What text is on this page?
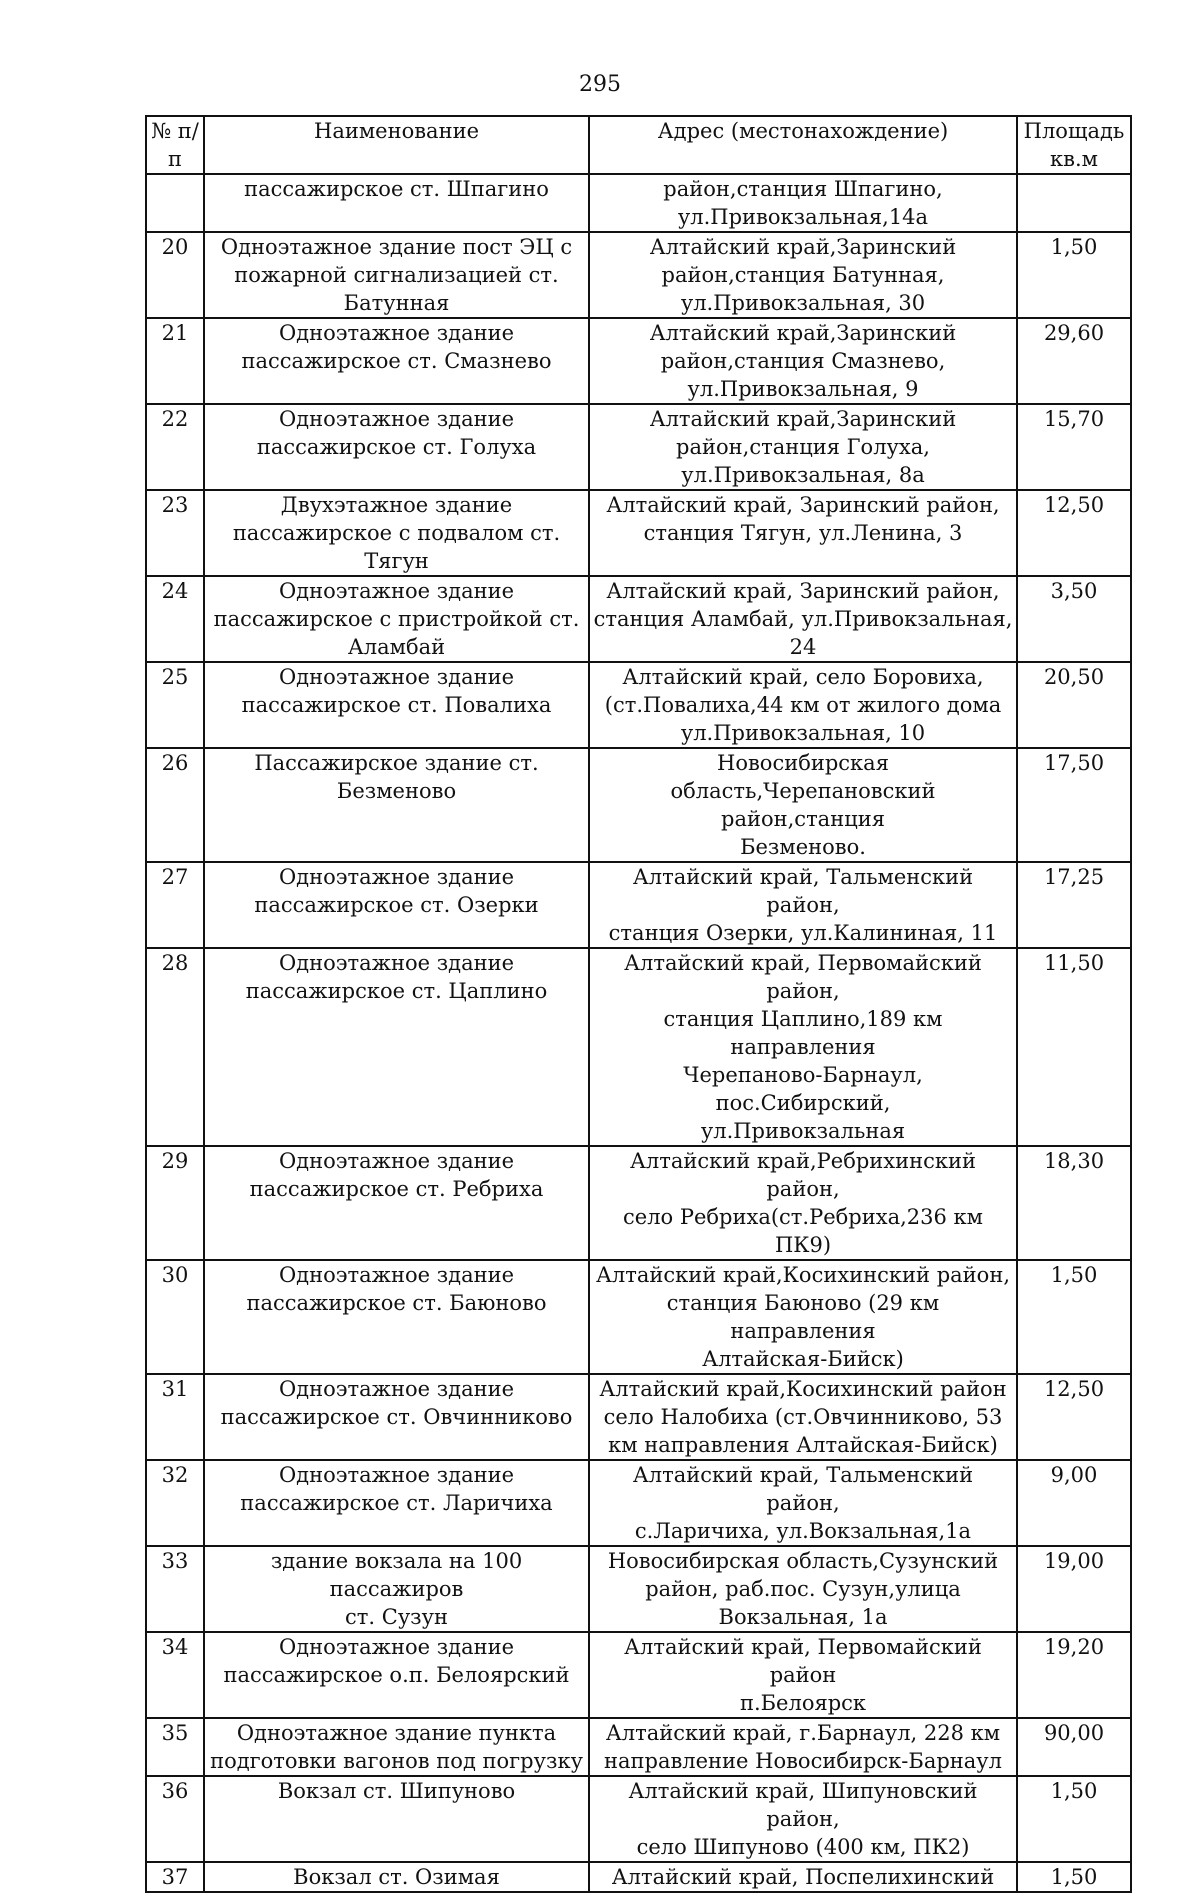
295
№ п/п	Наименование	Адрес (местонахождение)	Площадь кв.м
	пассажирское ст. Шпагино	район,станция Шпагино,
ул.Привокзальная,14а	
20	Одноэтажное здание пост ЭЦ с
пожарной сигнализацией ст.
Батунная	Алтайский край,Заринский
район,станция Батунная,
ул.Привокзальная, 30	1,50
21	Одноэтажное здание
пассажирское ст. Смазнево	Алтайский край,Заринский
район,станция Смазнево,
ул.Привокзальная, 9	29,60
22	Одноэтажное здание
пассажирское ст. Голуха	Алтайский край,Заринский
район,станция Голуха,
ул.Привокзальная, 8а	15,70
23	Двухэтажное здание
пассажирское с подвалом ст.
Тягун	Алтайский край, Заринский район,
станция Тягун, ул.Ленина, 3	12,50
24	Одноэтажное здание
пассажирское с пристройкой ст.
Аламбай	Алтайский край, Заринский район,
станция Аламбай, ул.Привокзальная,
24	3,50
25	Одноэтажное здание
пассажирское ст. Повалиха	Алтайский край, село Боровиха,
(ст.Повалиха,44 км от жилого дома
ул.Привокзальная, 10	20,50
26	Пассажирское здание ст.
Безменово	Новосибирская
область,Черепановский район,станция
Безменово.	17,50
27	Одноэтажное здание
пассажирское ст. Озерки	Алтайский край, Тальменский район,
станция Озерки, ул.Калининая, 11	17,25
28	Одноэтажное здание
пассажирское ст. Цаплино	Алтайский край, Первомайский район,
станция Цаплино,189 км направления
Черепаново-Барнаул, пос.Сибирский,
ул.Привокзальная	11,50
29	Одноэтажное здание
пассажирское ст. Ребриха	Алтайский край,Ребрихинский район,
село Ребриха(ст.Ребриха,236 км ПК9)	18,30
30	Одноэтажное здание
пассажирское ст. Баюново	Алтайский край,Косихинский район,
станция Баюново (29 км направления
Алтайская-Бийск)	1,50
31	Одноэтажное здание
пассажирское ст. Овчинниково	Алтайский край,Косихинский район
село Налобиха (ст.Овчинниково, 53
км направления Алтайская-Бийск)	12,50
32	Одноэтажное здание
пассажирское ст. Ларичиха	Алтайский край, Тальменский район,
с.Ларичиха, ул.Вокзальная,1а	9,00
33	здание вокзала на 100 пассажиров
ст. Сузун	Новосибирская область,Сузунский
район, раб.пос. Сузун,улица
Вокзальная, 1а	19,00
34	Одноэтажное здание
пассажирское о.п. Белоярский	Алтайский край, Первомайский район
п.Белоярск	19,20
35	Одноэтажное здание пункта
подготовки вагонов под погрузку	Алтайский край, г.Барнаул, 228 км
направление Новосибирск-Барнаул	90,00
36	Вокзал ст. Шипуново	Алтайский край, Шипуновский район,
село Шипуново (400 км, ПК2)	1,50
37	Вокзал ст. Озимая	Алтайский край, Поспелихинский	1,50
